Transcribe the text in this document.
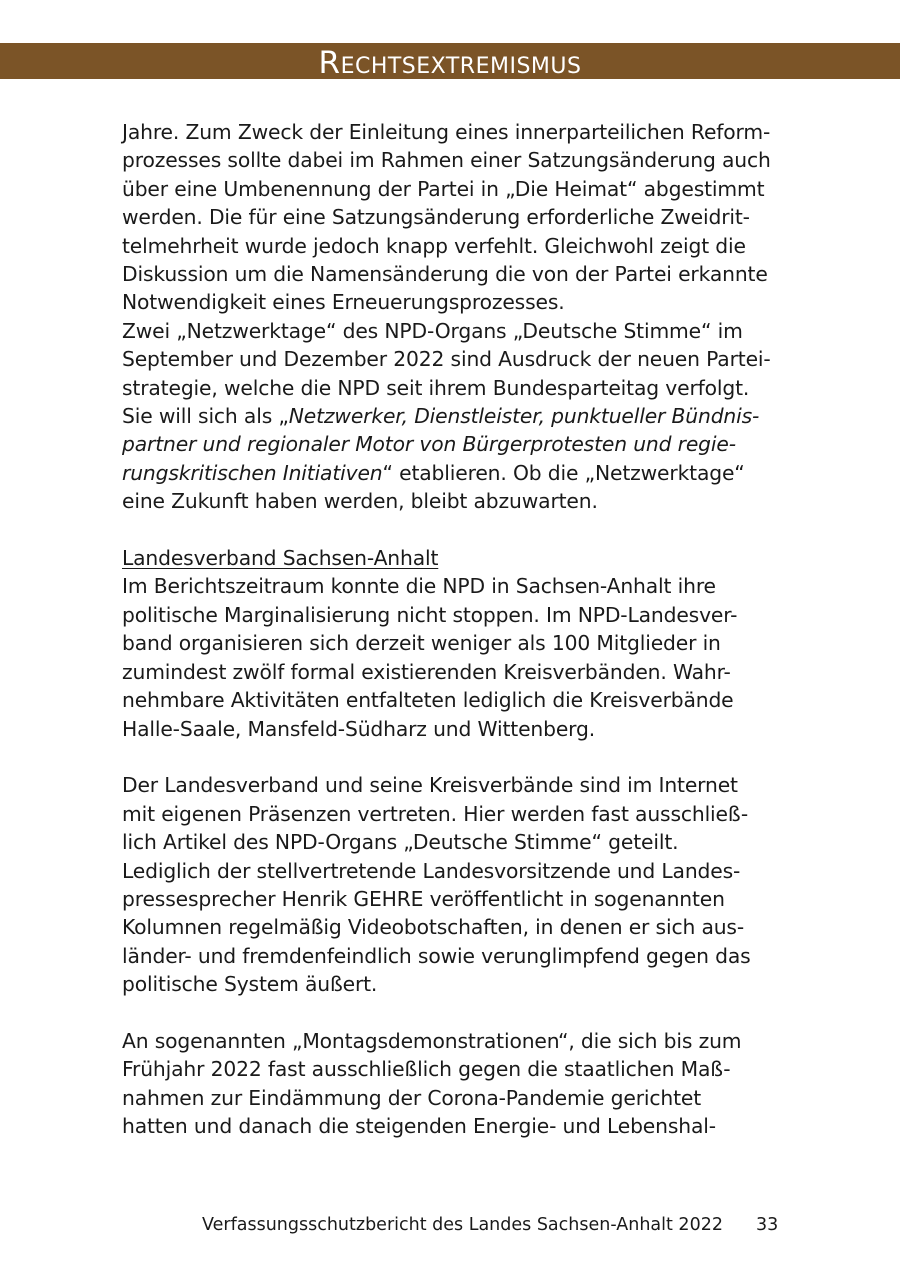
RECHTSEXTREMISMUS

Jahre. Zum Zweck der Einleitung eines innerparteilichen Reform-

prozesses sollte dabei im Rahmen einer Satzungsänderung auch

über eine Umbenennung der Partei in „Die Heimat“ abgestimmt

werden. Die für eine Satzungsänderung erforderliche Zweidrit-

telmehrheit wurde jedoch knapp verfehlt. Gleichwohl zeigt die

Diskussion um die Namensänderung die von der Partei erkannte

Notwendigkeit eines Erneuerungsprozesses.

Zwei „Netzwerktage“ des NPD-Organs „Deutsche Stimme“ im

September und Dezember 2022 sind Ausdruck der neuen Partei-

strategie, welche die NPD seit ihrem Bundesparteitag verfolgt.

Sie will sich als „Netzwerker, Dienstleister, punktueller Bündnis-

partner und regionaler Motor von Bürgerprotesten und regie-

rungskritischen Initiativen“ etablieren. Ob die „Netzwerktage“

eine Zukunft haben werden, bleibt abzuwarten.

Landesverband Sachsen-Anhalt

Im Berichtszeitraum konnte die NPD in Sachsen-Anhalt ihre

politische Marginalisierung nicht stoppen. Im NPD-Landesver-

band organisieren sich derzeit weniger als 100 Mitglieder in

zumindest zwölf formal existierenden Kreisverbänden. Wahr-

nehmbare Aktivitäten entfalteten lediglich die Kreisverbände

Halle-Saale, Mansfeld-Südharz und Wittenberg.

Der Landesverband und seine Kreisverbände sind im Internet

mit eigenen Präsenzen vertreten. Hier werden fast ausschließ-

lich Artikel des NPD-Organs „Deutsche Stimme“ geteilt.

Lediglich der stellvertretende Landesvorsitzende und Landes-

pressesprecher Henrik GEHRE veröffentlicht in sogenannten

Kolumnen regelmäßig Videobotschaften, in denen er sich aus-

länder- und fremdenfeindlich sowie verunglimpfend gegen das

politische System äußert.

An sogenannten „Montagsdemonstrationen“, die sich bis zum

Frühjahr 2022 fast ausschließlich gegen die staatlichen Maß-

nahmen zur Eindämmung der Corona-Pandemie gerichtet

hatten und danach die steigenden Energie- und Lebenshal-

Verfassungsschutzbericht des Landes Sachsen-Anhalt 2022 33
